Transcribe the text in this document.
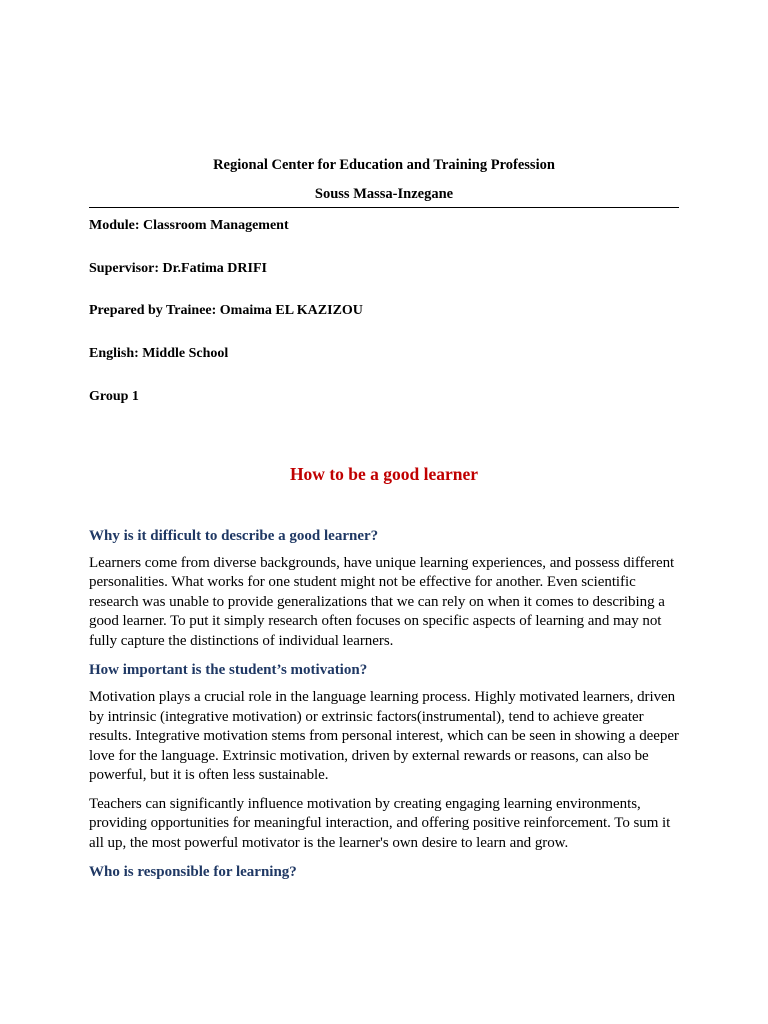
Regional Center for Education and Training Profession

Souss Massa-Inzegane

Module: Classroom Management

Supervisor: Dr.Fatima DRIFI

Prepared by Trainee: Omaima EL KAZIZOU

English: Middle School

Group 1

How to be a good learner
Why is it difficult to describe a good learner?

Learners come from diverse backgrounds, have unique learning experiences, and possess different personalities. What works for one student might not be effective for another. Even scientific research was unable to provide generalizations that we can rely on when it comes to describing a good learner. To put it simply research often focuses on specific aspects of learning and may not fully capture the distinctions of individual learners.

How important is the student’s motivation?

Motivation plays a crucial role in the language learning process. Highly motivated learners, driven by intrinsic (integrative motivation) or extrinsic factors(instrumental), tend to achieve greater results. Integrative motivation stems from personal interest, which can be seen in showing a deeper love for the language. Extrinsic motivation, driven by external rewards or reasons, can also be powerful, but it is often less sustainable.

Teachers can significantly influence motivation by creating engaging learning environments, providing opportunities for meaningful interaction, and offering positive reinforcement. To sum it all up, the most powerful motivator is the learner's own desire to learn and grow.

Who is responsible for learning?
